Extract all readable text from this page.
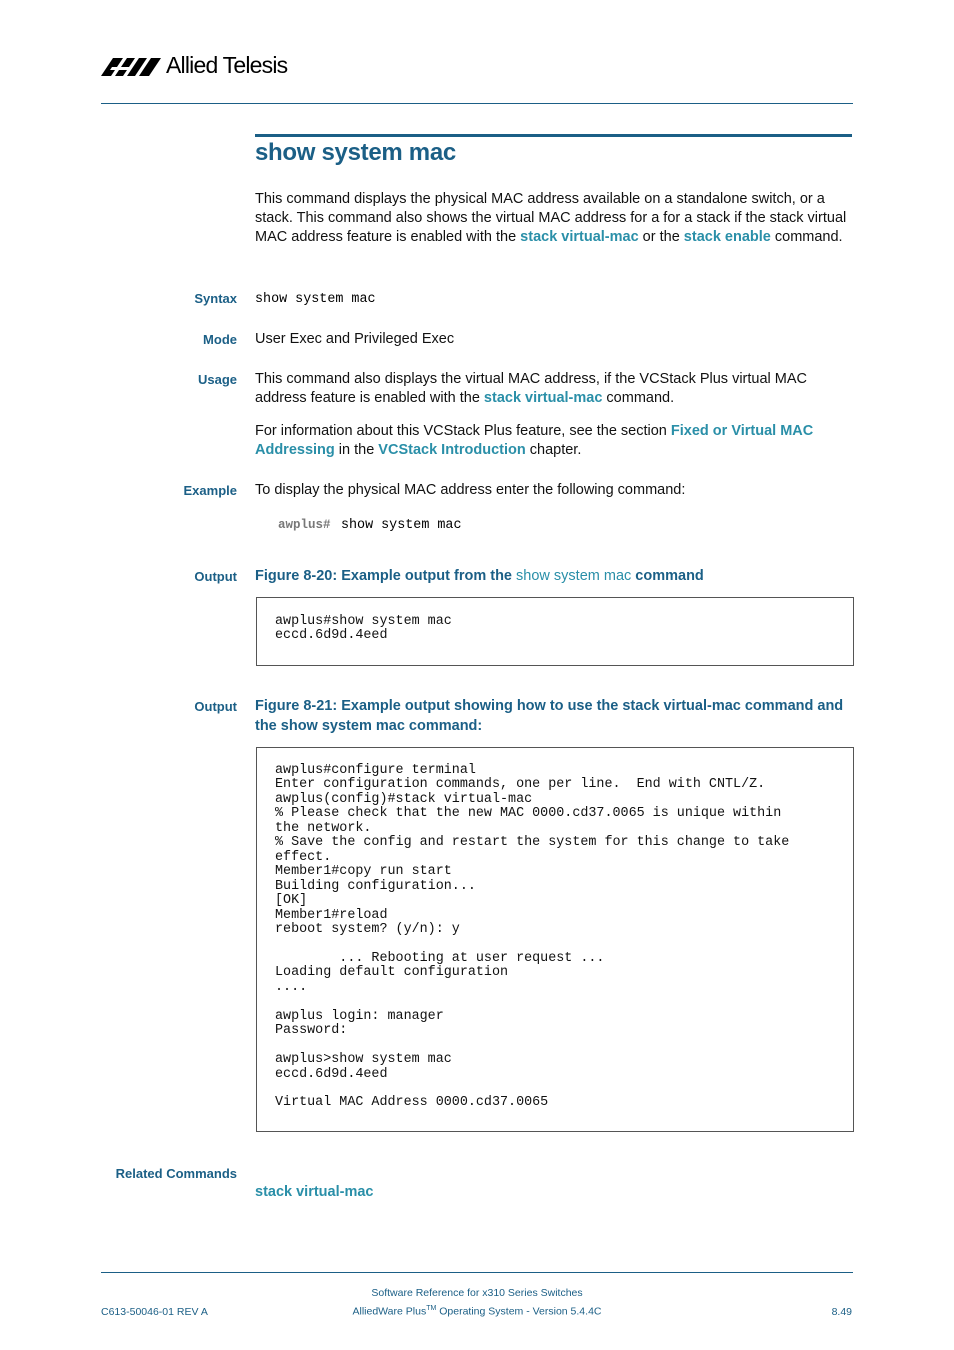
Allied Telesis
show system mac
This command displays the physical MAC address available on a standalone switch, or a stack. This command also shows the virtual MAC address for a for a stack if the stack virtual MAC address feature is enabled with the stack virtual-mac or the stack enable command.
Syntax show system mac
Mode User Exec and Privileged Exec
Usage This command also displays the virtual MAC address, if the VCStack Plus virtual MAC address feature is enabled with the stack virtual-mac command.
For information about this VCStack Plus feature, see the section Fixed or Virtual MAC Addressing in the VCStack Introduction chapter.
Example To display the physical MAC address enter the following command:
awplus# show system mac
Output Figure 8-20: Example output from the show system mac command
awplus#show system mac
eccd.6d9d.4eed
Output Figure 8-21: Example output showing how to use the stack virtual-mac command and the show system mac command:
awplus#configure terminal
Enter configuration commands, one per line.  End with CNTL/Z.
awplus(config)#stack virtual-mac
% Please check that the new MAC 0000.cd37.0065 is unique within
the network.
% Save the config and restart the system for this change to take
effect.
Member1#copy run start
Building configuration...
[OK]
Member1#reload
reboot system? (y/n): y

... Rebooting at user request ...
Loading default configuration
....

awplus login: manager
Password:

awplus>show system mac
eccd.6d9d.4eed

Virtual MAC Address 0000.cd37.0065
Related Commands
stack virtual-mac
C613-50046-01 REV A
Software Reference for x310 Series Switches
AlliedWare Plus™ Operating System - Version 5.4.4C	8.49
